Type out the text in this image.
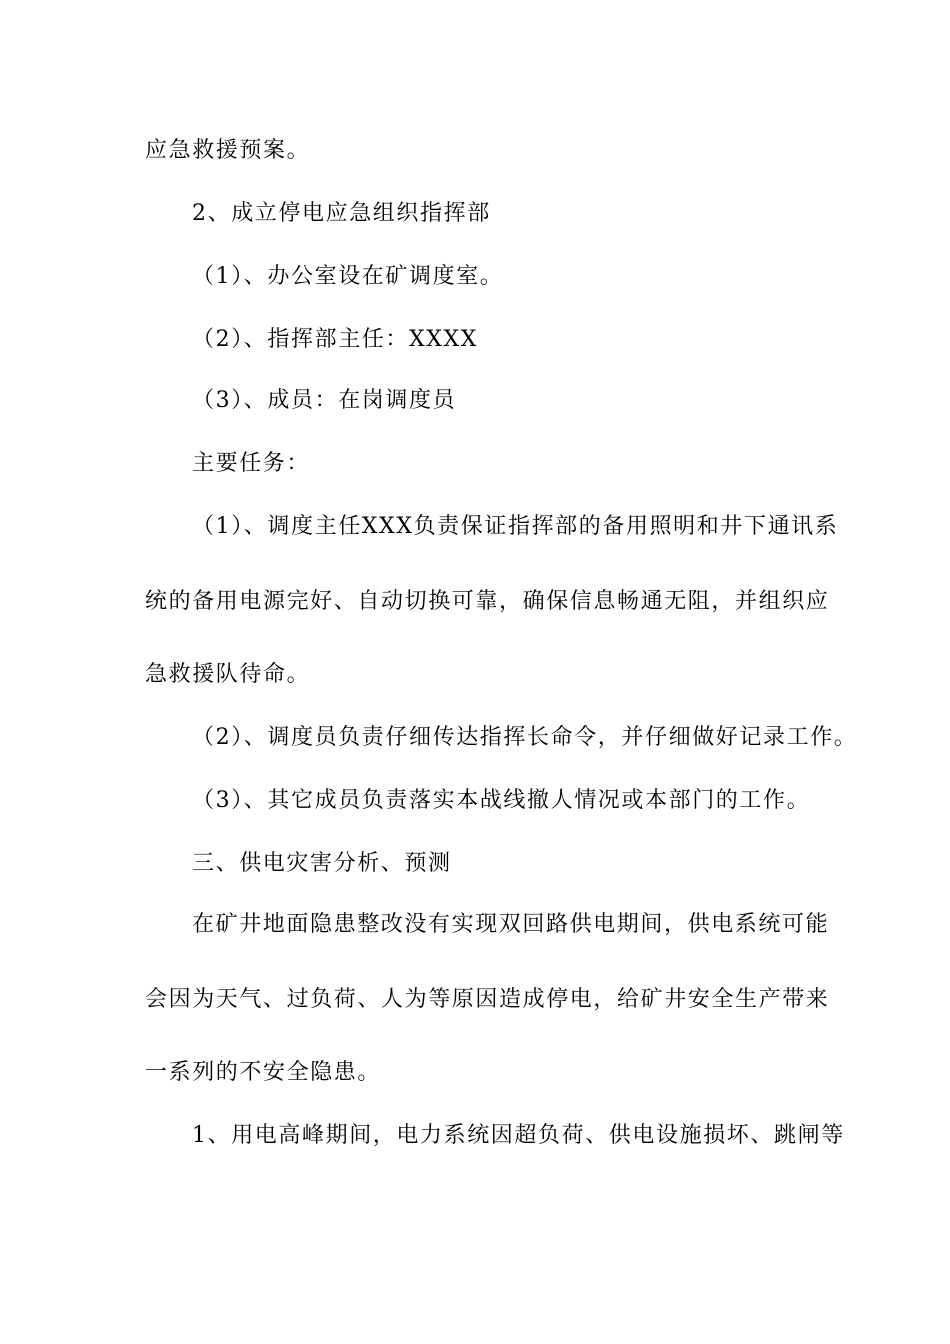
应急救援预案。
2、成立停电应急组织指挥部
（1）、办公室设在矿调度室。
（2）、指挥部主任：XXXX
（3）、成员：在岗调度员
主要任务：
（1）、调度主任XXX负责保证指挥部的备用照明和井下通讯系
统的备用电源完好、自动切换可靠，确保信息畅通无阻，并组织应
急救援队待命。
（2）、调度员负责仔细传达指挥长命令，并仔细做好记录工作。
（3）、其它成员负责落实本战线撤人情况或本部门的工作。
三、供电灾害分析、预测
在矿井地面隐患整改没有实现双回路供电期间，供电系统可能
会因为天气、过负荷、人为等原因造成停电，给矿井安全生产带来
一系列的不安全隐患。
1、用电高峰期间，电力系统因超负荷、供电设施损坏、跳闸等
